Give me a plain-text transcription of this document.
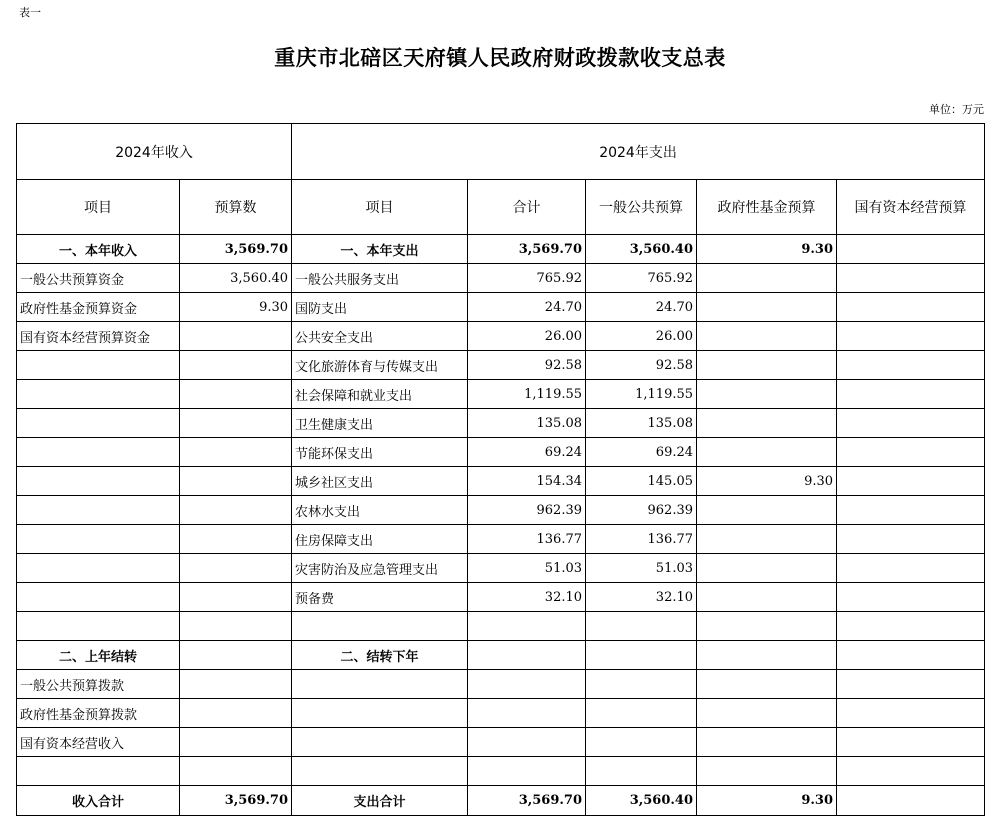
表一
重庆市北碚区天府镇人民政府财政拨款收支总表
单位：万元
2024年收入		2024年支出				
项目	预算数	项目	合计	一般公共预算	政府性基金预算	国有资本经营预算
一、本年收入	3,569.70	一、本年支出	3,569.70	3,560.40	9.30	
一般公共预算资金	3,560.40	一般公共服务支出	765.92	765.92		
政府性基金预算资金	9.30	国防支出	24.70	24.70		
国有资本经营预算资金		公共安全支出	26.00	26.00		
		文化旅游体育与传媒支出	92.58	92.58		
		社会保障和就业支出	1,119.55	1,119.55		
		卫生健康支出	135.08	135.08		
		节能环保支出	69.24	69.24		
		城乡社区支出	154.34	145.05	9.30	
		农林水支出	962.39	962.39		
		住房保障支出	136.77	136.77		
		灾害防治及应急管理支出	51.03	51.03		
		预备费	32.10	32.10		

二、上年结转		二、结转下年				
一般公共预算拨款						
政府性基金预算拨款						
国有资本经营收入						

收入合计	3,569.70	支出合计	3,569.70	3,560.40	9.30	
